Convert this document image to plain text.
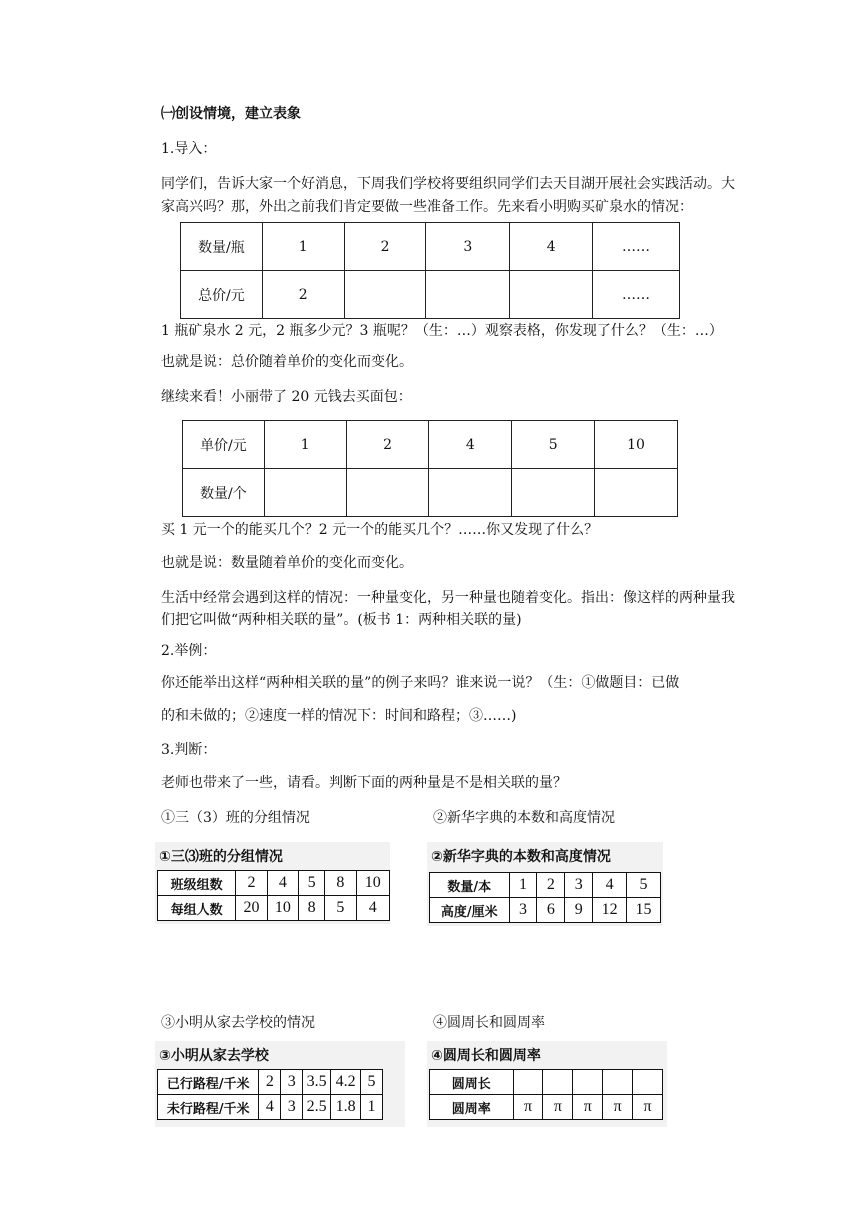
㈠创设情境，建立表象
1.导入：
同学们，告诉大家一个好消息，下周我们学校将要组织同学们去天目湖开展社会实践活动。大家高兴吗？那，外出之前我们肯定要做一些准备工作。先来看小明购买矿泉水的情况：
数量/瓶	1	2	3	4	……
总价/元	2				……
1 瓶矿泉水 2 元，2 瓶多少元？3 瓶呢？（生：…）观察表格，你发现了什么？（生：…）
也就是说：总价随着单价的变化而变化。
继续来看！小丽带了 20 元钱去买面包：
单价/元	1	2	4	5	10
数量/个					
买 1 元一个的能买几个？2 元一个的能买几个？……你又发现了什么？
也就是说：数量随着单价的变化而变化。
生活中经常会遇到这样的情况：一种量变化，另一种量也随着变化。指出：像这样的两种量我们把它叫做“两种相关联的量”。(板书 1：两种相关联的量)
2.举例：
你还能举出这样“两种相关联的量”的例子来吗？谁来说一说？（生：①做题目：已做
的和未做的；②速度一样的情况下：时间和路程；③……)
3.判断：
老师也带来了一些，请看。判断下面的两种量是不是相关联的量？
①三（3）班的分组情况	②新华字典的本数和高度情况
①三⑶班的分组情况
班级组数	2	4	5	8	10
每组人数	20	10	8	5	4
②新华字典的本数和高度情况
数量/本	1	2	3	4	5
高度/厘米	3	6	9	12	15
③小明从家去学校的情况	④圆周长和圆周率
③小明从家去学校
已行路程/千米	2	3	3.5	4.2	5
未行路程/千米	4	3	2.5	1.8	1
④圆周长和圆周率
圆周长					
圆周率	π	π	π	π	π
